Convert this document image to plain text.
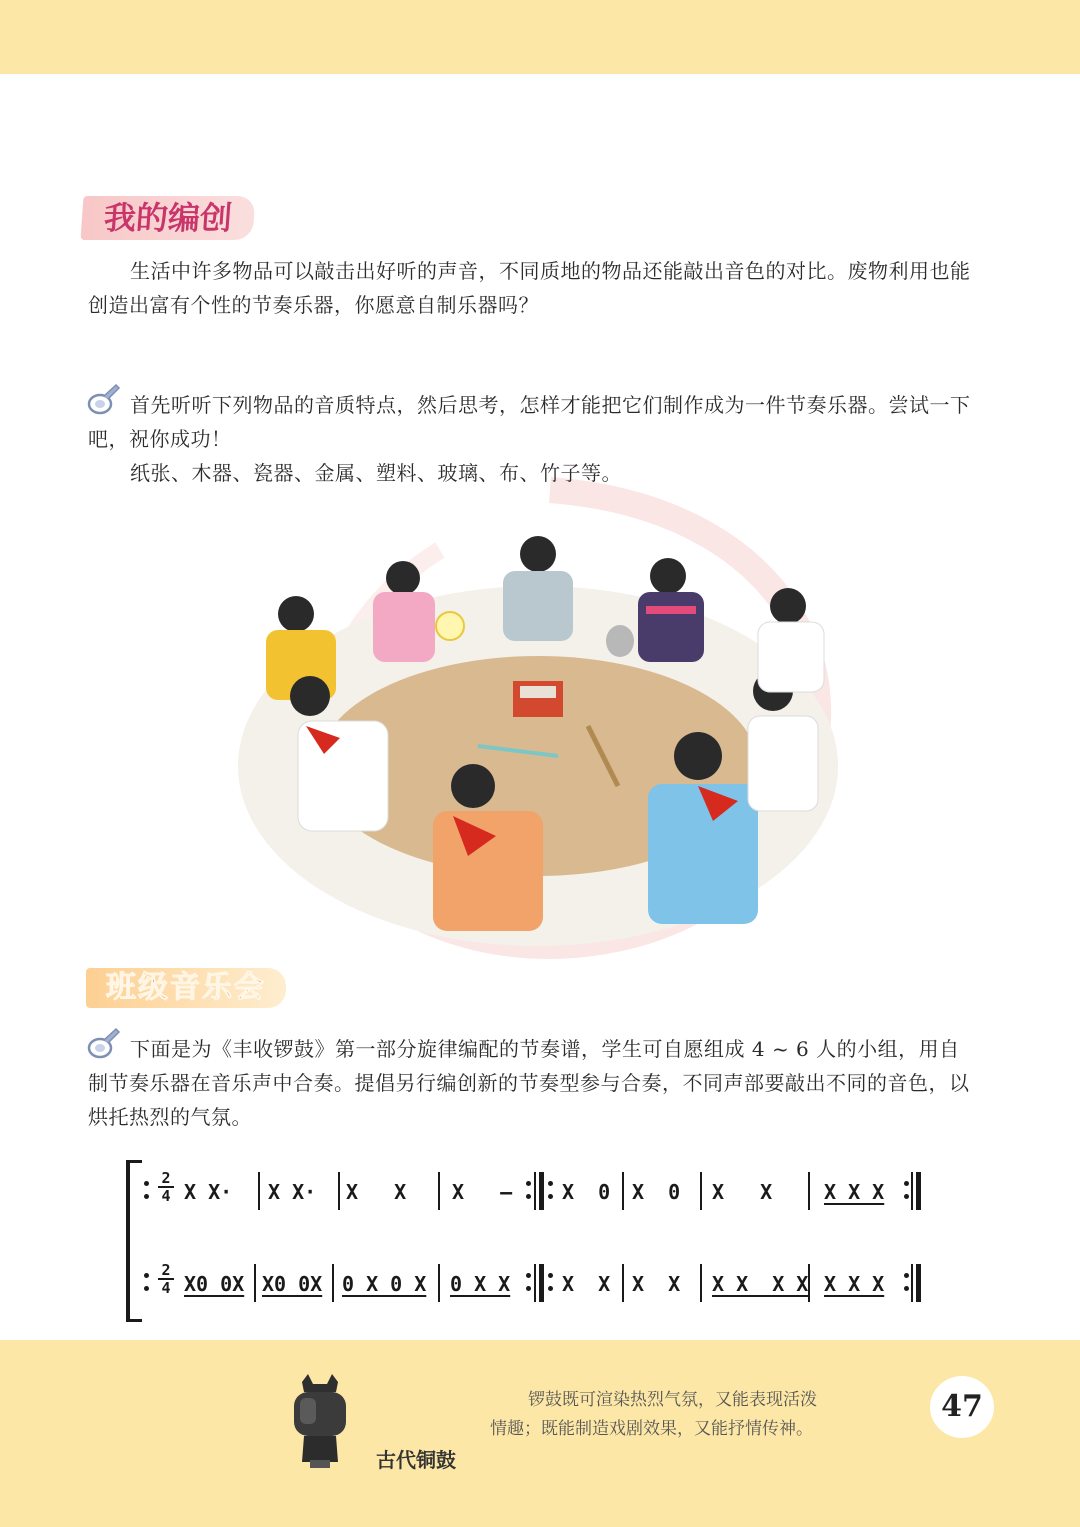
我的编创
生活中许多物品可以敲击出好听的声音，不同质地的物品还能敲出音色的对比。废物利用也能创造出富有个性的节奏乐器，你愿意自制乐器吗？
首先听听下列物品的音质特点，然后思考，怎样才能把它们制作成为一件节奏乐器。尝试一下吧，祝你成功！
纸张、木器、瓷器、金属、塑料、玻璃、布、竹子等。
班级音乐会
下面是为《丰收锣鼓》第一部分旋律编配的节奏谱，学生可自愿组成 4 ~ 6 人的小组，用自制节奏乐器在音乐声中合奏。提倡另行编创新的节奏型参与合奏，不同声部要敲出不同的音色，以烘托热烈的气氛。
2
4 X X· X X· X   X X   – X  0 X  0 X   X	X X X
2
4 X0 0X X0 0X 0 X 0 X 0 X X	X  X X  X X X  X X X X X
古代铜鼓
锣鼓既可渲染热烈气氛，又能表现活泼情趣；既能制造戏剧效果，又能抒情传神。
47
